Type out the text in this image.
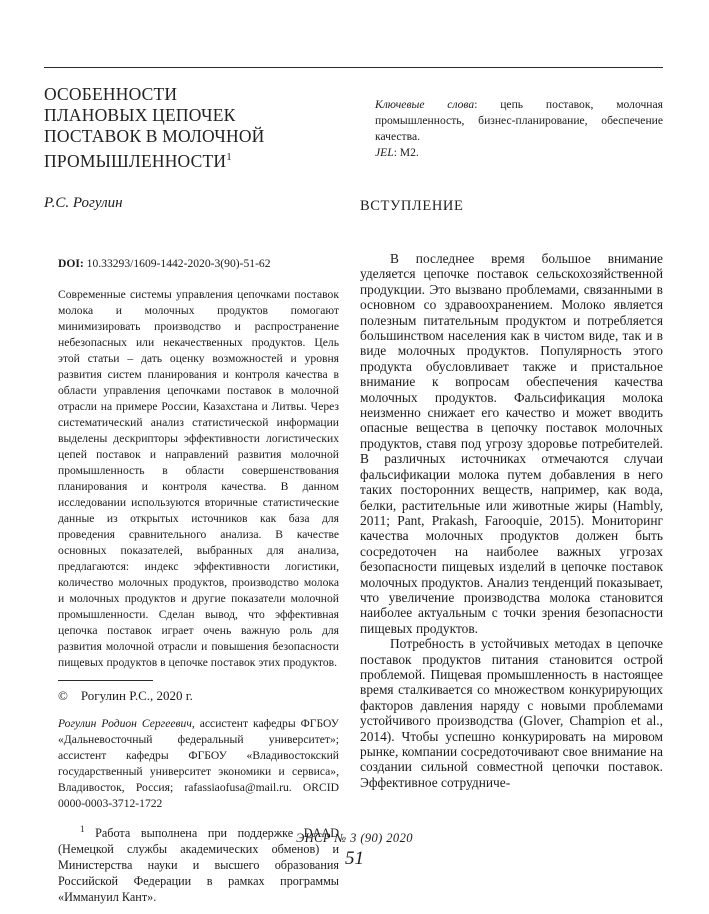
ОСОБЕННОСТИ
ПЛАНОВЫХ ЦЕПОЧЕК
ПОСТАВОК В МОЛОЧНОЙ
ПРОМЫШЛЕННОСТИ$^1$
Р.С. Рогулин
DOI: 10.33293/1609-1442-2020-3(90)-51-62
Современные системы управления цепочками поставок молока и молочных продуктов помогают минимизировать производство и распространение небезопасных или некачественных продуктов. Цель этой статьи – дать оценку возможностей и уровня развития систем планирования и контроля качества в области управления цепочками поставок в молочной отрасли на примере России, Казахстана и Литвы. Через систематический анализ статистической информации выделены дескрипторы эффективности логистических цепей поставок и направлений развития молочной промышленность в области совершенствования планирования и контроля качества. В данном исследовании используются вторичные статистические данные из открытых источников как база для проведения сравнительного анализа. В качестве основных показателей, выбранных для анализа, предлагаются: индекс эффективности логистики, количество молочных продуктов, производство молока и молочных продуктов и другие показатели молочной промышленности. Сделан вывод, что эффективная цепочка поставок играет очень важную роль для развития молочной отрасли и повышения безопасности пищевых продуктов в цепочке поставок этих продуктов.
© Рогулин Р.С., 2020 г.
Рогулин Родион Сергеевич, ассистент кафедры ФГБОУ «Дальневосточный федеральный университет»; ассистент кафедры ФГБОУ «Владивостокский государственный университет экономики и сервиса», Владивосток, Россия; rafassiaofusa@mail.ru. ORCID 0000-0003-3712-1722
$^1$ Работа выполнена при поддержке DAAD (Немецкой службы академических обменов) и Министерства науки и высшего образования Российской Федерации в рамках программы «Иммануил Кант».
Ключевые слова: цепь поставок, молочная промышленность, бизнес-планирование, обеспечение качества.
JEL: M2.
ВСТУПЛЕНИЕ

В последнее время большое внимание уделяется цепочке поставок сельскохозяйственной продукции. Это вызвано проблемами, связанными в основном со здравоохранением. Молоко является полезным питательным продуктом и потребляется большинством населения как в чистом виде, так и в виде молочных продуктов. Популярность этого продукта обусловливает также и пристальное внимание к вопросам обеспечения качества молочных продуктов. Фальсификация молока неизменно снижает его качество и может вводить опасные вещества в цепочку поставок молочных продуктов, ставя под угрозу здоровье потребителей. В различных источниках отмечаются случаи фальсификации молока путем добавления в него таких посторонних веществ, например, как вода, белки, растительные или животные жиры (Hambly, 2011; Pant, Prakash, Farooquie, 2015). Мониторинг качества молочных продуктов должен быть сосредоточен на наиболее важных угрозах безопасности пищевых изделий в цепочке поставок молочных продуктов. Анализ тенденций показывает, что увеличение производства молока становится наиболее актуальным с точки зрения безопасности пищевых продуктов.

Потребность в устойчивых методах в цепочке поставок продуктов питания становится острой проблемой. Пищевая промышленность в настоящее время сталкивается со множеством конкурирующих факторов давления наряду с новыми проблемами устойчивого производства (Glover, Champion et al., 2014). Чтобы успешно конкурировать на мировом рынке, компании сосредоточивают свое внимание на создании сильной совместной цепочки поставок. Эффективное сотрудниче-

ЭНСР № 3 (90) 2020
51
